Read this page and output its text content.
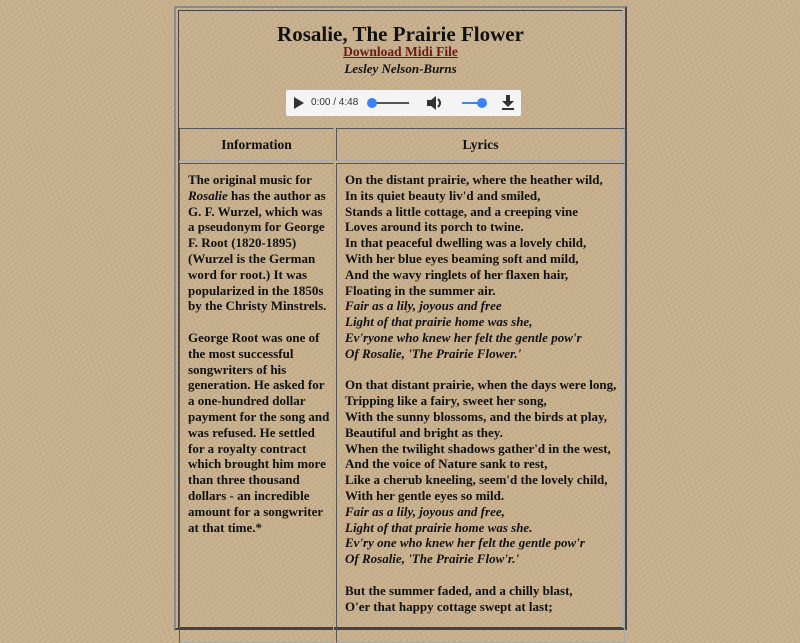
Rosalie, The Prairie Flower
Download Midi File
Lesley Nelson-Burns
0:00 / 4:48
Information	Lyrics
The original music for
Rosalie has the author as
G. F. Wurzel, which was
a pseudonym for George
F. Root (1820-1895)
(Wurzel is the German
word for root.) It was
popularized in the 1850s
by the Christy Minstrels.
George Root was one of
the most successful
songwriters of his
generation. He asked for
a one-hundred dollar
payment for the song and
was refused. He settled
for a royalty contract
which brought him more
than three thousand
dollars - an incredible
amount for a songwriter
at that time.*
On the distant prairie, where the heather wild,
In its quiet beauty liv'd and smiled,
Stands a little cottage, and a creeping vine
Loves around its porch to twine.
In that peaceful dwelling was a lovely child,
With her blue eyes beaming soft and mild,
And the wavy ringlets of her flaxen hair,
Floating in the summer air.
Fair as a lily, joyous and free
Light of that prairie home was she,
Ev'ryone who knew her felt the gentle pow'r
Of Rosalie, 'The Prairie Flower.'
On that distant prairie, when the days were long,
Tripping like a fairy, sweet her song,
With the sunny blossoms, and the birds at play,
Beautiful and bright as they.
When the twilight shadows gather'd in the west,
And the voice of Nature sank to rest,
Like a cherub kneeling, seem'd the lovely child,
With her gentle eyes so mild.
Fair as a lily, joyous and free,
Light of that prairie home was she.
Ev'ry one who knew her felt the gentle pow'r
Of Rosalie, 'The Prairie Flow'r.'
But the summer faded, and a chilly blast,
O'er that happy cottage swept at last;
